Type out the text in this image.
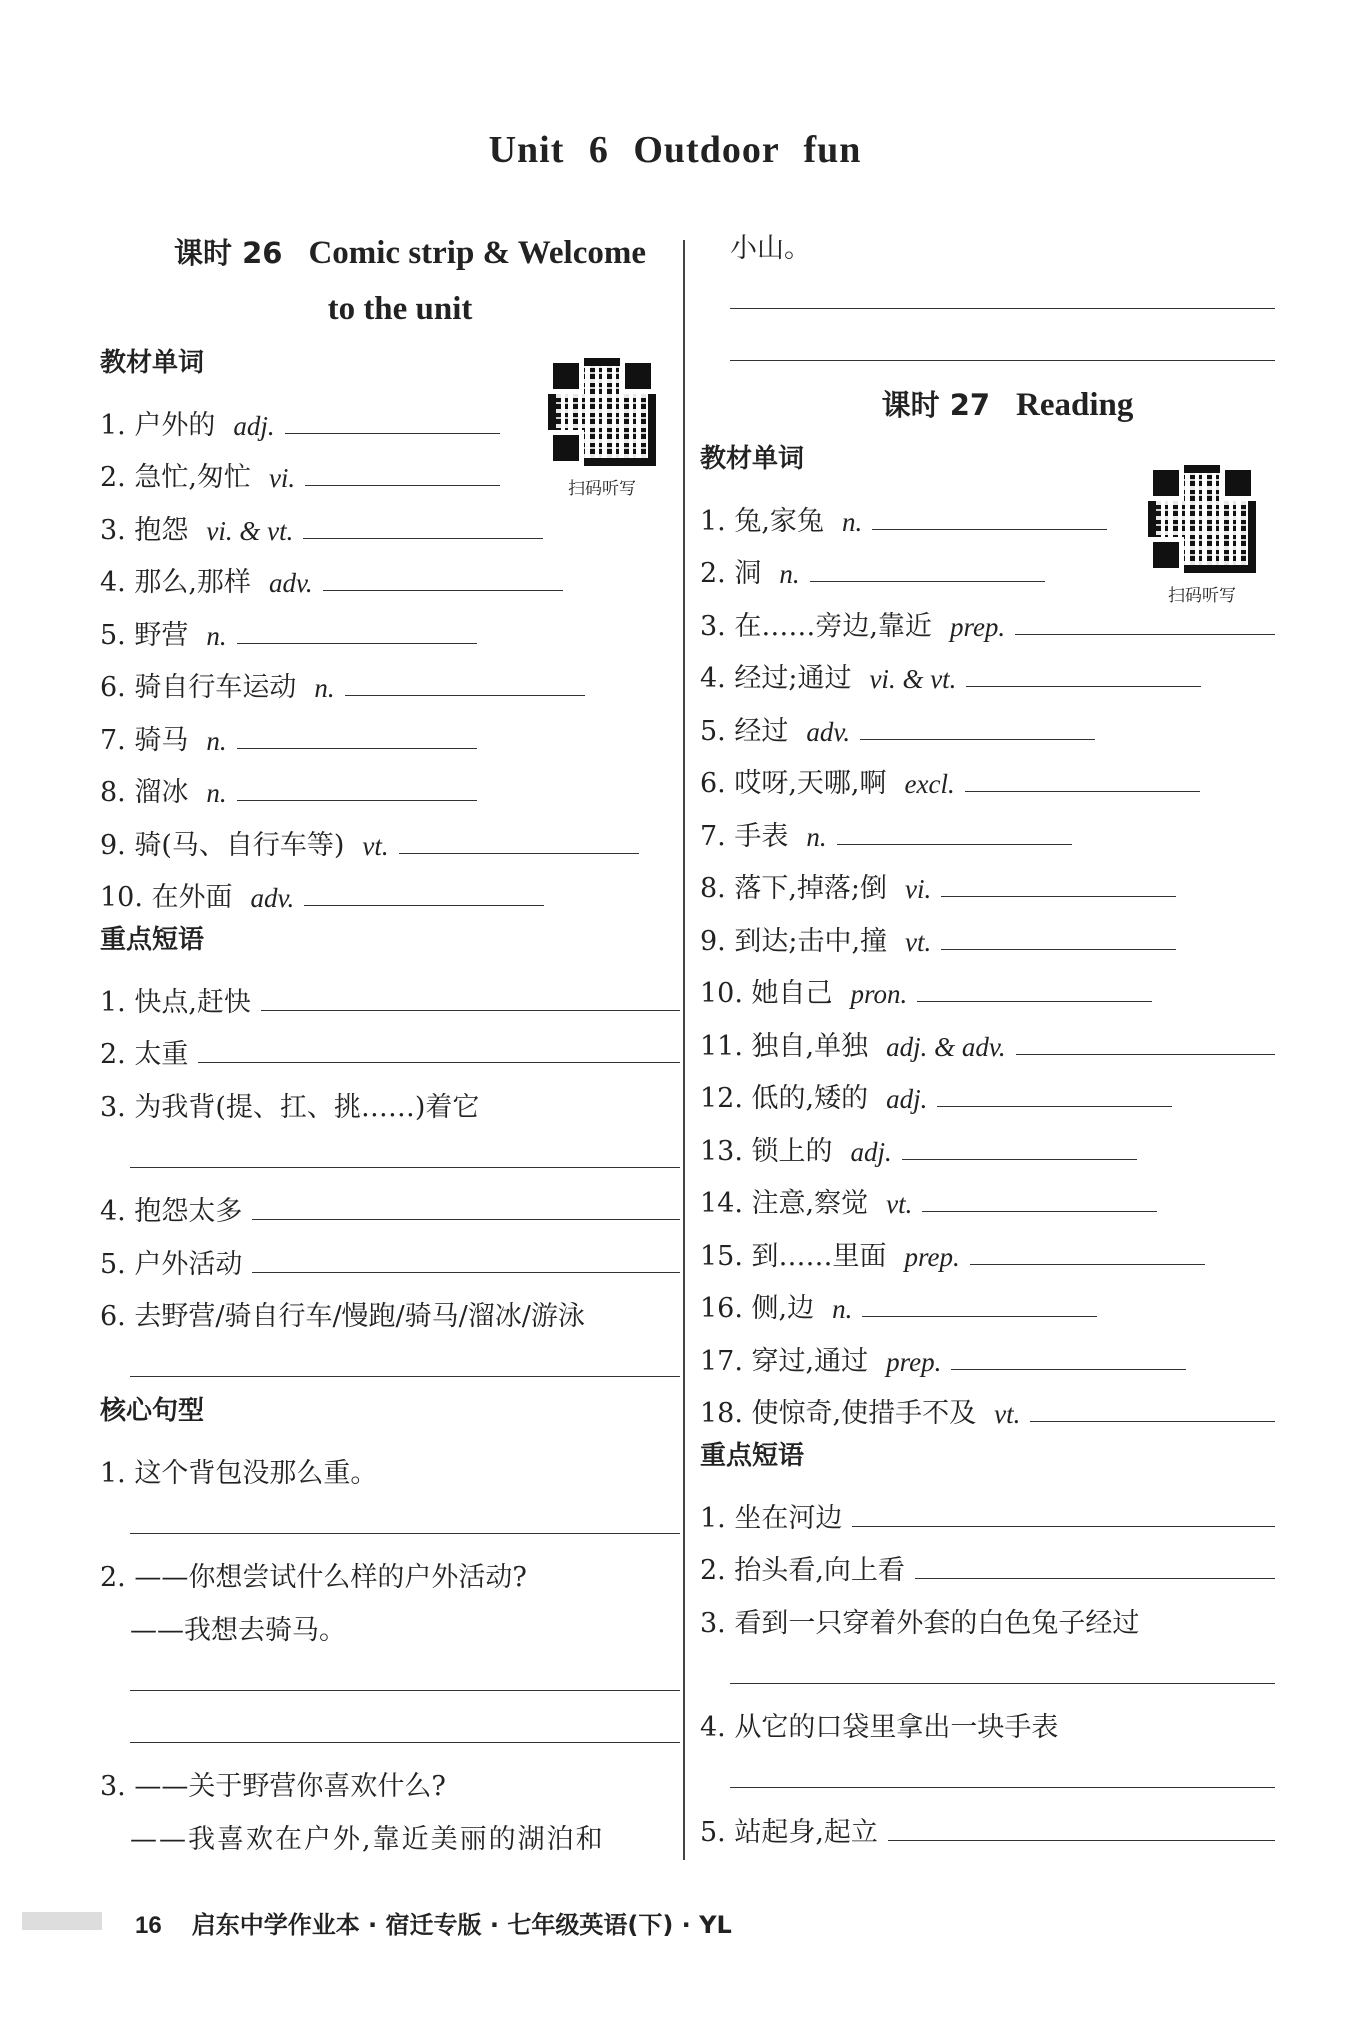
Unit 6 Outdoor fun
课时 26 Comic strip & Welcome
to the unit
教材单词
1. 户外的 adj.
2. 急忙,匆忙 vi.
3. 抱怨 vi. & vt.
4. 那么,那样 adv.
5. 野营 n.
6. 骑自行车运动 n.
7. 骑马 n.
8. 溜冰 n.
9. 骑(马、自行车等) vt.
10. 在外面 adv.
重点短语
1. 快点,赶快
2. 太重
3. 为我背(提、扛、挑……)着它
4. 抱怨太多
5. 户外活动
6. 去野营/骑自行车/慢跑/骑马/溜冰/游泳
核心句型
1. 这个背包没那么重。
2. ——你想尝试什么样的户外活动?
——我想去骑马。
3. ——关于野营你喜欢什么?
——我喜欢在户外,靠近美丽的湖泊和
扫码听写
小山。
课时 27 Reading
教材单词
1. 兔,家兔 n.
2. 洞 n.
3. 在……旁边,靠近 prep.
4. 经过;通过 vi. & vt.
5. 经过 adv.
6. 哎呀,天哪,啊 excl.
7. 手表 n.
8. 落下,掉落;倒 vi.
9. 到达;击中,撞 vt.
10. 她自己 pron.
11. 独自,单独 adj. & adv.
12. 低的,矮的 adj.
13. 锁上的 adj.
14. 注意,察觉 vt.
15. 到……里面 prep.
16. 侧,边 n.
17. 穿过,通过 prep.
18. 使惊奇,使措手不及 vt.
重点短语
1. 坐在河边
2. 抬头看,向上看
3. 看到一只穿着外套的白色兔子经过
4. 从它的口袋里拿出一块手表
5. 站起身,起立
扫码听写
16 启东中学作业本 · 宿迁专版 · 七年级英语(下) · YL
